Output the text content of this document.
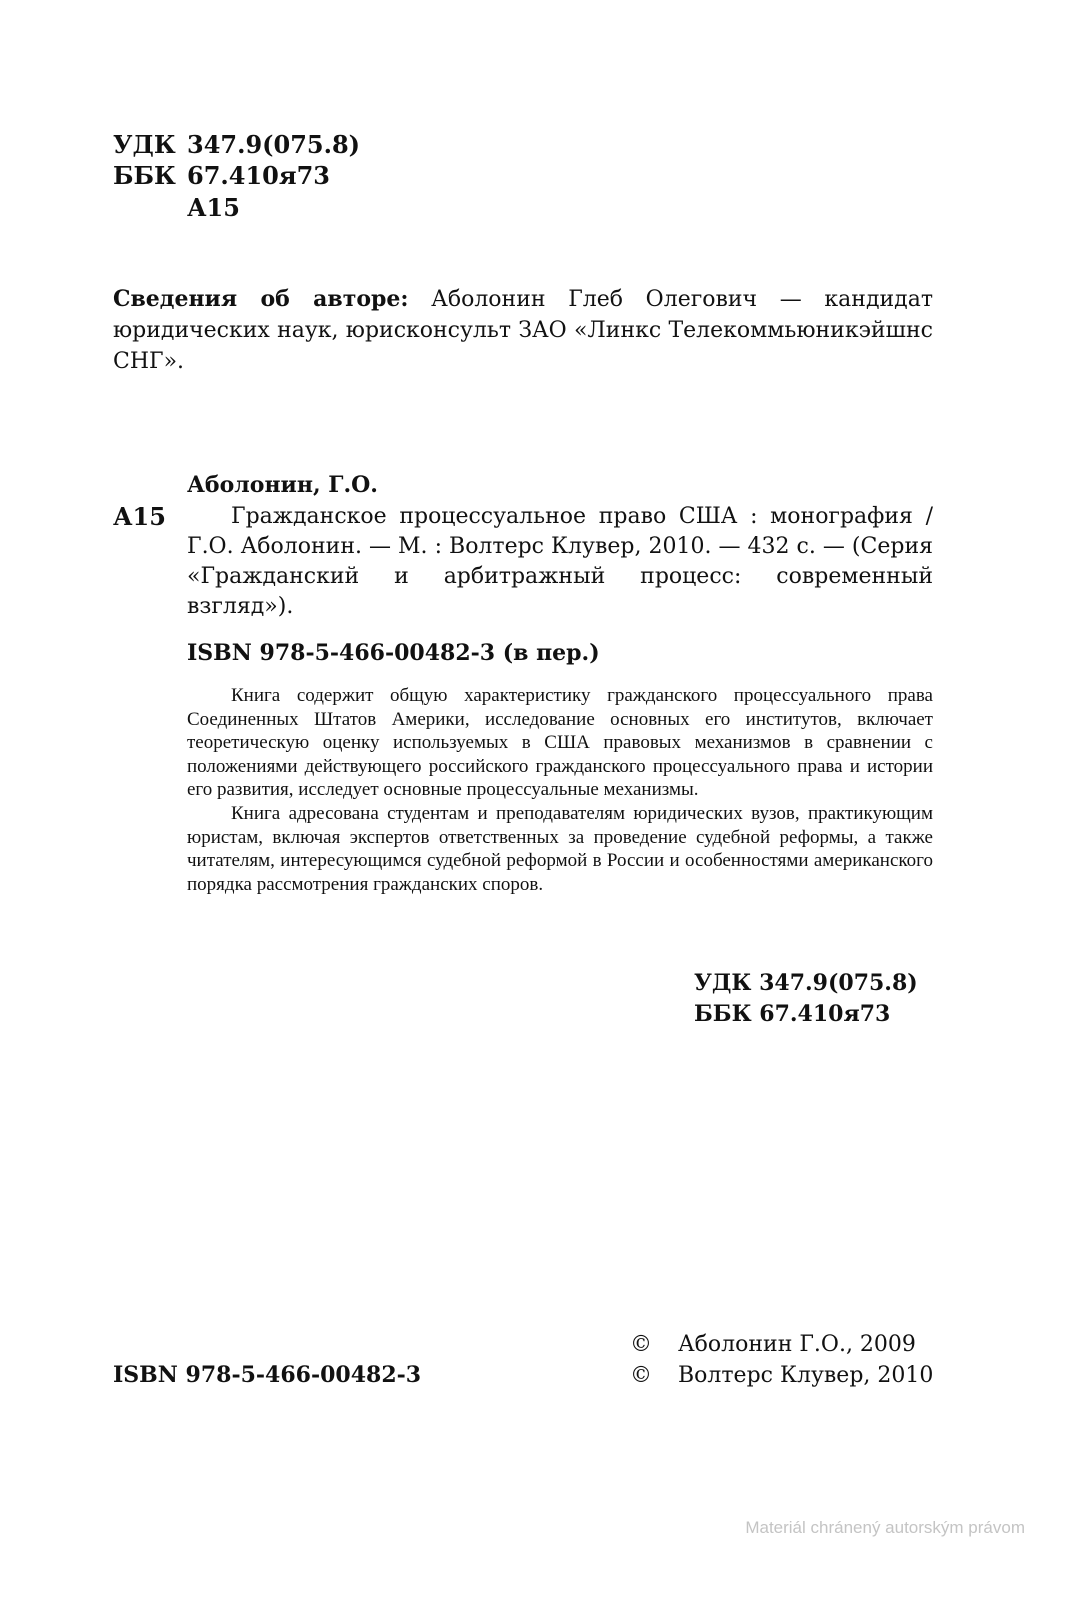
УДК 347.9(075.8)
ББК 67.410я73
А15
Сведения об авторе: Аболонин Глеб Олегович — кандидат юридических наук, юрисконсульт ЗАО «Линкс Телекоммьюникэйшнс СНГ».
Аболонин, Г.О.
А15	Гражданское процессуальное право США : монография / Г.О. Аболонин. — М. : Волтерс Клувер, 2010. — 432 с. — (Серия «Гражданский и арбитражный процесс: современный взгляд»).
ISBN 978-5-466-00482-3 (в пер.)

Книга содержит общую характеристику гражданского процессуального права Соединенных Штатов Америки, исследование основных его институтов, включает теоретическую оценку используемых в США правовых механизмов в сравнении с положениями действующего российского гражданского процессуального права и истории его развития, исследует основные процессуальные механизмы.

Книга адресована студентам и преподавателям юридических вузов, практикующим юристам, включая экспертов ответственных за проведение судебной реформы, а также читателям, интересующимся судебной реформой в России и особенностями американского порядка рассмотрения гражданских споров.

УДК 347.9(075.8)
ББК 67.410я73
ISBN 978-5-466-00482-3
© Аболонин Г.О., 2009
© Волтерс Клувер, 2010
Materiál chránený autorským právom
